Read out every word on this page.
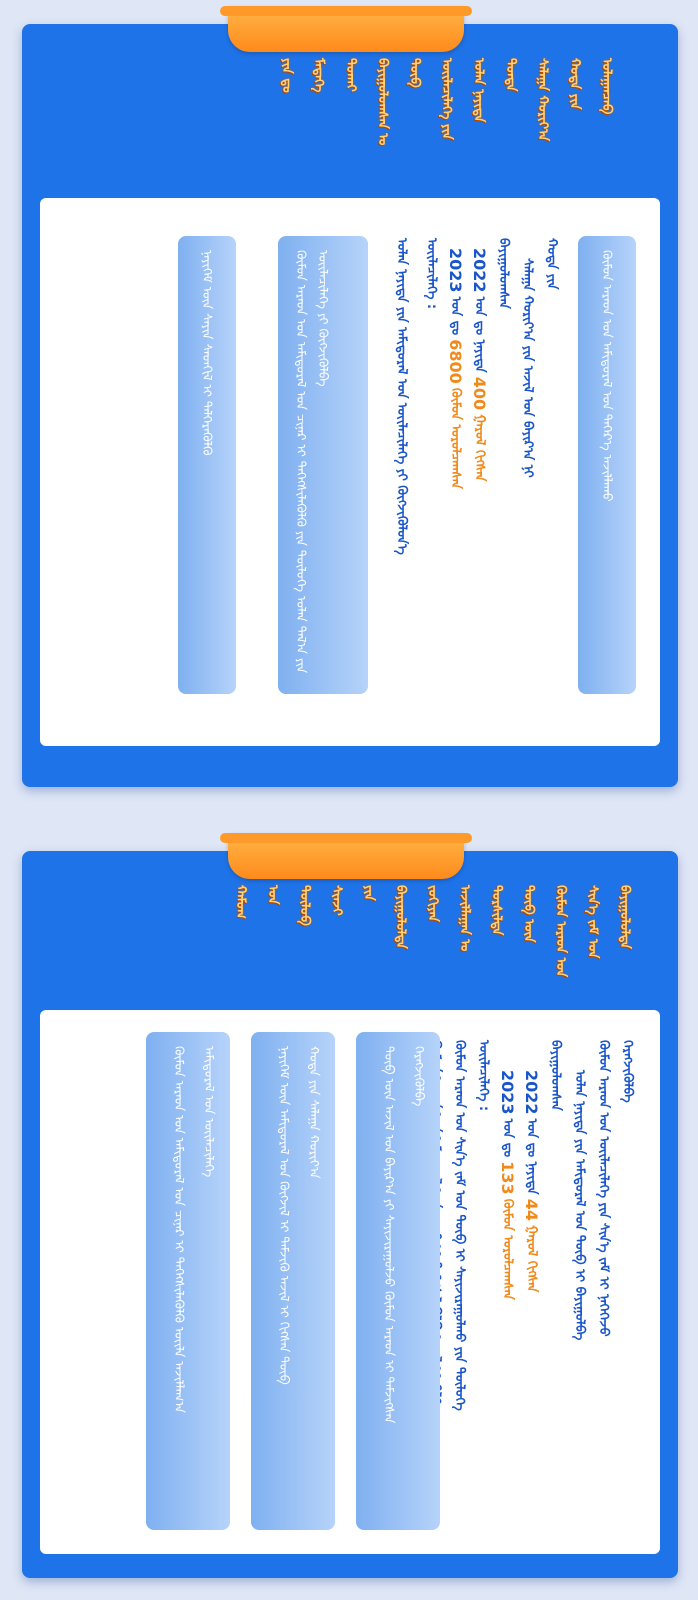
ᠤᠯᠠᠭᠠᠨᠴᠠᠪ
ᠬᠣᠲᠠ ᠶᠢᠨ
ᠰᠠᠯᠠᠭᠠ ᠬᠣᠷᠢᠶ᠎ᠠ
ᠳᠤᠨᠳᠠ
ᠣᠯᠠᠨ ᠨᠡᠶᠢᠲᠡ
ᠦᠢᠯᠡᠴᠢᠯᠡᠭᠡ ᠶᠢᠨ
ᠲᠥᠪ
ᠪᠠᠶᠢᠭᠤᠯᠤᠭᠰᠠᠨ ᠤ
ᠲᠤᠬᠠᠢ
ᠮᠡᠳᠡᠭᠡ
ᠶᠢᠨ ᠳᠤ
ᠬᠦᠮᠦᠨ ᠠᠷᠠᠳ ᠤᠨ ᠠᠮᠢᠳᠤᠷᠠᠯ ᠤᠨ ᠳᠡᠭᠡᠷ᠎ᠡ ᠠᠵᠢᠯᠯᠠᠬᠤ
ᠬᠣᠲᠠ ᠶᠢᠨ
ᠰᠠᠯᠠᠭᠠ ᠬᠣᠷᠢᠶ᠎ᠠ ᠶᠢᠨ ᠠᠵᠢᠯ ᠤᠨ ᠪᠠᠶᠢᠷ᠎ᠠ ᠨᠢ
ᠪᠠᠶᠢᠭᠤᠯᠤᠭᠰᠠᠨ
2022 ᠣᠨ ᠳᠤ ᠨᠡᠶᠢᠲᠡ 400 ᠭᠠᠷᠤᠯ ᠬᠢᠭᠰᠡᠨ
2023 ᠣᠨ ᠳᠤ 6800 ᠬᠦᠮᠦᠨ ᠣᠷᠣᠯᠴᠠᠭᠰᠠᠨ
ᠦᠢᠯᠡᠴᠢᠯᠡᠭᠡ :
ᠣᠯᠠᠨ ᠨᠡᠶᠢᠲᠡ ᠶᠢᠨ ᠠᠮᠢᠳᠤᠷᠠᠯ ᠤᠨ ᠦᠢᠯᠡᠴᠢᠯᠡᠭᠡ ᠶᠢ ᠬᠥᠭᠵᠢᠭᠦᠯᠦᠨ᠎ᠡ
ᠬᠦᠮᠦᠨ ᠠᠷᠠᠳ ᠤᠨ ᠠᠮᠢᠳᠤᠷᠠᠯ ᠤᠨ ᠴᠢᠨᠠᠷ ᠢ ᠳᠡᠭᠡᠭᠰᠢᠯᠡᠭᠦᠯᠬᠦ ᠶᠢᠨ ᠲᠥᠯᠦᠭᠡ ᠣᠯᠠᠨ ᠲᠠᠯ᠎ᠠ ᠶᠢᠨ ᠦᠢᠯᠡᠴᠢᠯᠡᠭᠡ ᠶᠢ ᠬᠥᠭᠵᠢᠭᠦᠯᠪᠡ
ᠨᠡᠶᠢᠭᠡᠮ ᠦᠨ ᠰᠠᠶᠢᠨ ᠰᠡᠳᠬᠢᠯ ᠢ ᠳᠡᠯᠭᠡᠷᠡᠭᠦᠯᠬᠦ
ᠪᠠᠶᠢᠭᠤᠯᠤᠯᠳᠠ
ᠰᠢᠨ᠎ᠡ ᠵᠠᠮ ᠤᠨ
ᠬᠦᠮᠦᠨ ᠠᠷᠠᠳ ᠤᠨ
ᠲᠥᠪ ᠦᠨ
ᠲᠤᠷᠰᠢᠯᠲᠠ
ᠠᠵᠢᠯᠯᠠᠭᠠᠨ ᠤ
ᠵᠣᠬᠢᠶᠠᠨ
ᠪᠠᠶᠢᠭᠤᠯᠤᠯᠳᠠ
ᠶᠢᠨ
ᠰᠢᠨᠵᠢ
ᠲᠥᠯᠦᠪ
ᠤᠨ
ᠬᠠᠮᠤᠭ
ᠬᠡᠷᠡᠭᠵᠢᠭᠦᠯᠪᠡ
ᠬᠦᠮᠦᠨ ᠠᠷᠠᠳ ᠤᠨ ᠦᠢᠯᠡᠴᠢᠯᠡᠭᠡ ᠶᠢᠨ ᠰᠢᠨ᠎ᠡ ᠵᠠᠮ ᠢ ᠨᠡᠭᠡᠭᠡᠵᠦ
ᠣᠯᠠᠨ ᠨᠡᠶᠢᠲᠡ ᠶᠢᠨ ᠠᠮᠢᠳᠤᠷᠠᠯ ᠤᠨ ᠲᠥᠪ ᠢ ᠪᠠᠶᠢᠭᠤᠯᠪᠠ
ᠪᠠᠶᠢᠭᠤᠯᠤᠭᠰᠠᠨ
2022 ᠣᠨ ᠳᠤ ᠨᠡᠶᠢᠲᠡ 44 ᠭᠠᠷᠤᠯ ᠬᠢᠭᠰᠡᠨ
2023 ᠣᠨ ᠳᠤ 133 ᠬᠦᠮᠦᠨ ᠣᠷᠣᠯᠴᠠᠭᠰᠠᠨ
ᠦᠢᠯᠡᠴᠢᠯᠡᠭᠡ :
ᠬᠦᠮᠦᠨ ᠠᠷᠠᠳ ᠤᠨ ᠰᠢᠨ᠎ᠡ ᠵᠠᠮ ᠤᠨ ᠲᠥᠪ ᠢ ᠰᠠᠶᠢᠵᠢᠷᠠᠭᠤᠯᠬᠤ ᠶᠢᠨ ᠲᠥᠯᠦᠭᠡ
ᠬᠡᠷᠡᠭᠵᠢᠭᠦᠯᠪᠡ
ᠲᠥᠪ ᠦᠨ ᠠᠵᠢᠯ ᠤᠨ ᠪᠠᠶᠢᠷ᠎ᠠ ᠶᠢ ᠰᠠᠶᠢᠵᠢᠷᠠᠭᠤᠯᠵᠤ ᠬᠦᠮᠦᠨ ᠠᠷᠠᠳ ᠢ ᠳᠡᠮᠵᠢᠭᠰᠡᠨ
ᠬᠣᠲᠠ ᠶᠢᠨ ᠰᠠᠯᠠᠭᠠ ᠬᠣᠷᠢᠶ᠎ᠠ
ᠨᠡᠶᠢᠭᠡᠮ ᠦᠨ ᠠᠮᠢᠳᠤᠷᠠᠯ ᠤᠨ ᠬᠥᠭᠵᠢᠯ ᠢ ᠳᠡᠮᠵᠢᠬᠦ ᠠᠵᠢᠯ ᠢ ᠬᠢᠭᠰᠡᠨ ᠲᠥᠪ
ᠠᠮᠢᠳᠤᠷᠠᠯ ᠤᠨ ᠦᠢᠯᠡᠴᠢᠯᠡᠭᠡ
ᠬᠦᠮᠦᠨ ᠠᠷᠠᠳ ᠤᠨ ᠠᠮᠢᠳᠤᠷᠠᠯ ᠤᠨ ᠴᠢᠨᠠᠷ ᠢ ᠳᠡᠭᠡᠭᠰᠢᠯᠡᠭᠦᠯᠬᠦ ᠦᠢᠯᠡ ᠠᠵᠢᠯᠯᠠᠭ᠎ᠠ
